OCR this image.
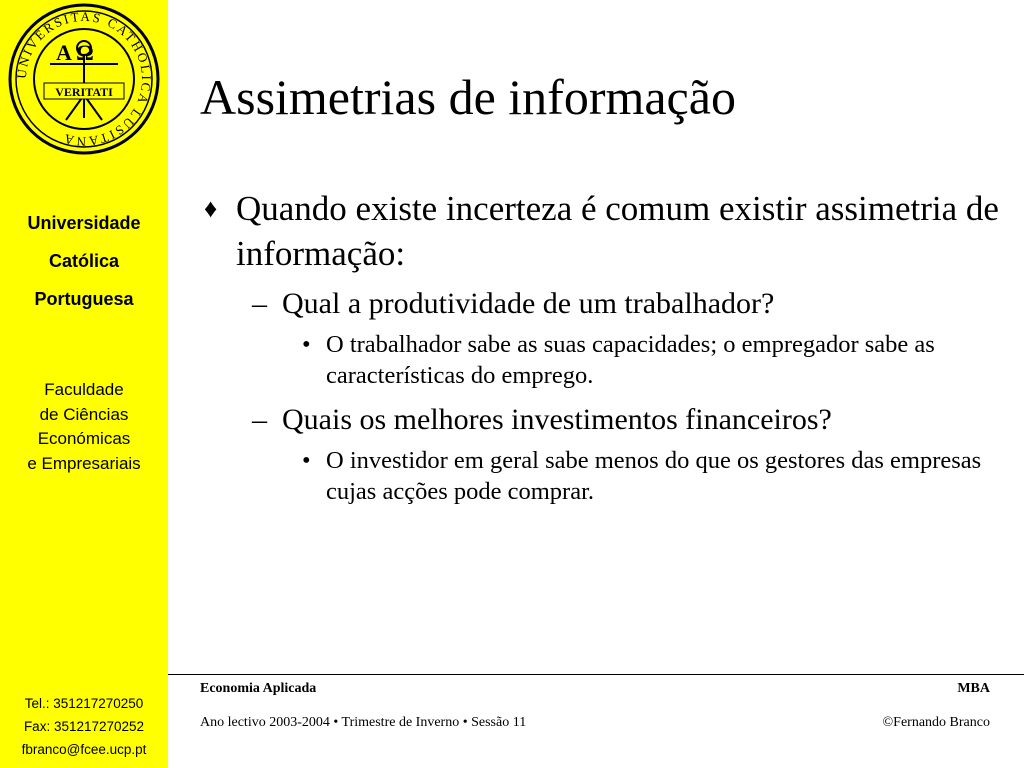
UNIVERSITAS CATHOLICA LUSITANA
A Ω
VERITATI
Universidade
Católica
Portuguesa
Faculdade
de Ciências
Económicas
e Empresariais
Tel.: 351217270250
Fax: 351217270252
fbranco@fcee.ucp.pt
Assimetrias de informação
♦ Quando existe incerteza é comum existir assimetria de informação:
– Qual a produtividade de um trabalhador?
• O trabalhador sabe as suas capacidades; o empregador sabe as características do emprego.
– Quais os melhores investimentos financeiros?
• O investidor em geral sabe menos do que os gestores das empresas cujas acções pode comprar.
Economia Aplicada	MBA
Ano lectivo 2003-2004 • Trimestre de Inverno • Sessão 11	©Fernando Branco
